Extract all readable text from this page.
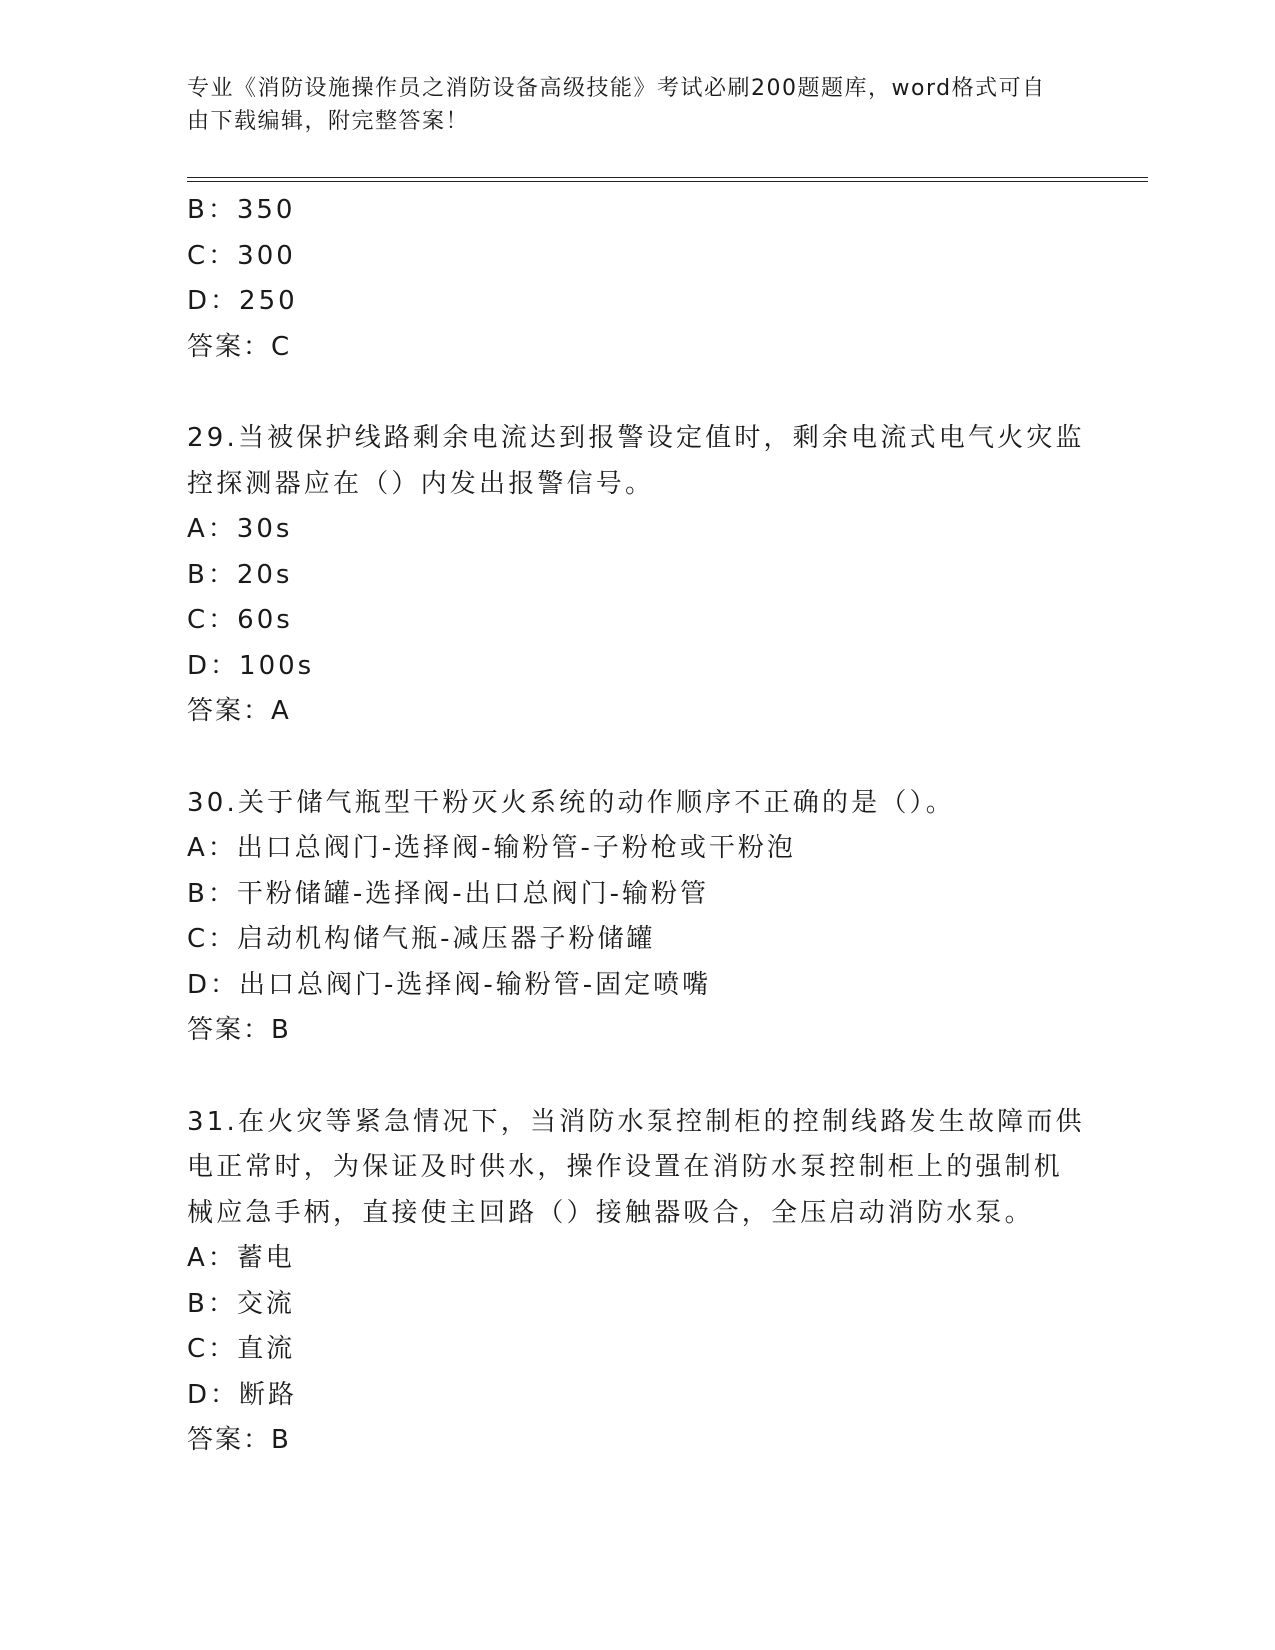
专业《消防设施操作员之消防设备高级技能》考试必刷200题题库，word格式可自由下载编辑，附完整答案！
B：350
C：300
D：250
答案：C
29.当被保护线路剩余电流达到报警设定值时，剩余电流式电气火灾监控探测器应在（）内发出报警信号。
A：30s
B：20s
C：60s
D：100s
答案：A
30.关于储气瓶型干粉灭火系统的动作顺序不正确的是（）。
A：出口总阀门-选择阀-输粉管-子粉枪或干粉泡
B：干粉储罐-选择阀-出口总阀门-输粉管
C：启动机构储气瓶-减压器子粉储罐
D：出口总阀门-选择阀-输粉管-固定喷嘴
答案：B
31.在火灾等紧急情况下，当消防水泵控制柜的控制线路发生故障而供电正常时，为保证及时供水，操作设置在消防水泵控制柜上的强制机械应急手柄，直接使主回路（）接触器吸合，全压启动消防水泵。
A：蓄电
B：交流
C：直流
D：断路
答案：B
